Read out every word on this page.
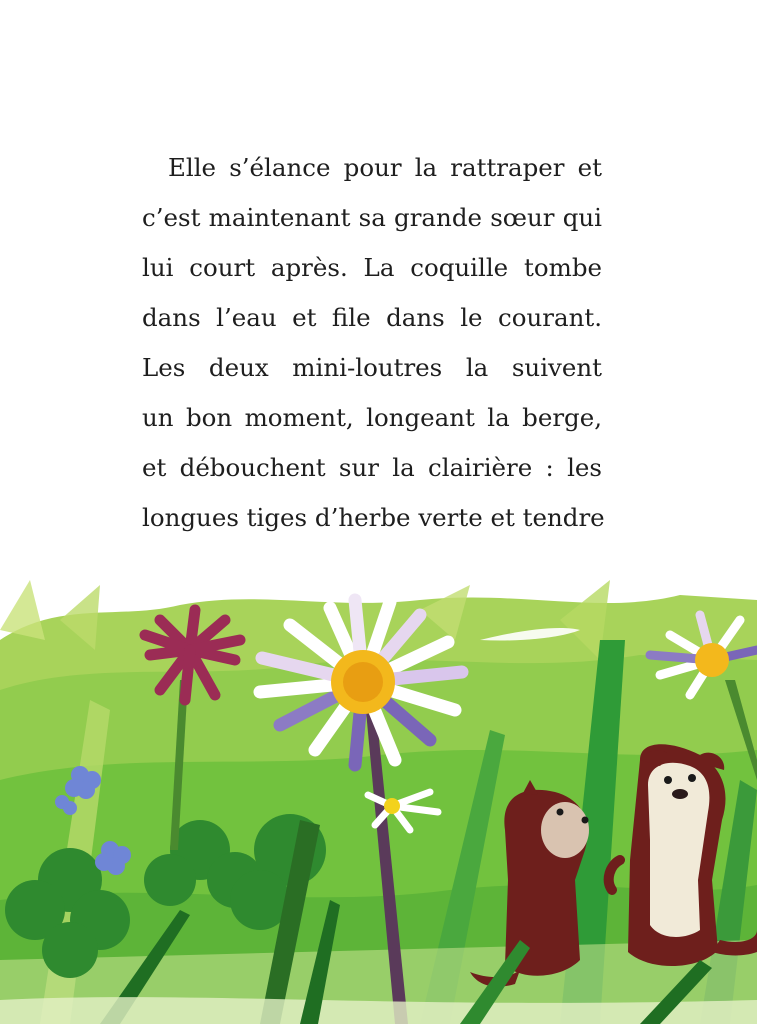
Elle s’élance pour la rattraper et
c’est maintenant sa grande sœur qui
lui court après. La coquille tombe
dans l’eau et file dans le courant.
Les deux mini-loutres la suivent
un bon moment, longeant la berge,
et débouchent sur la clairière : les
longues tiges d’herbe verte et tendre
